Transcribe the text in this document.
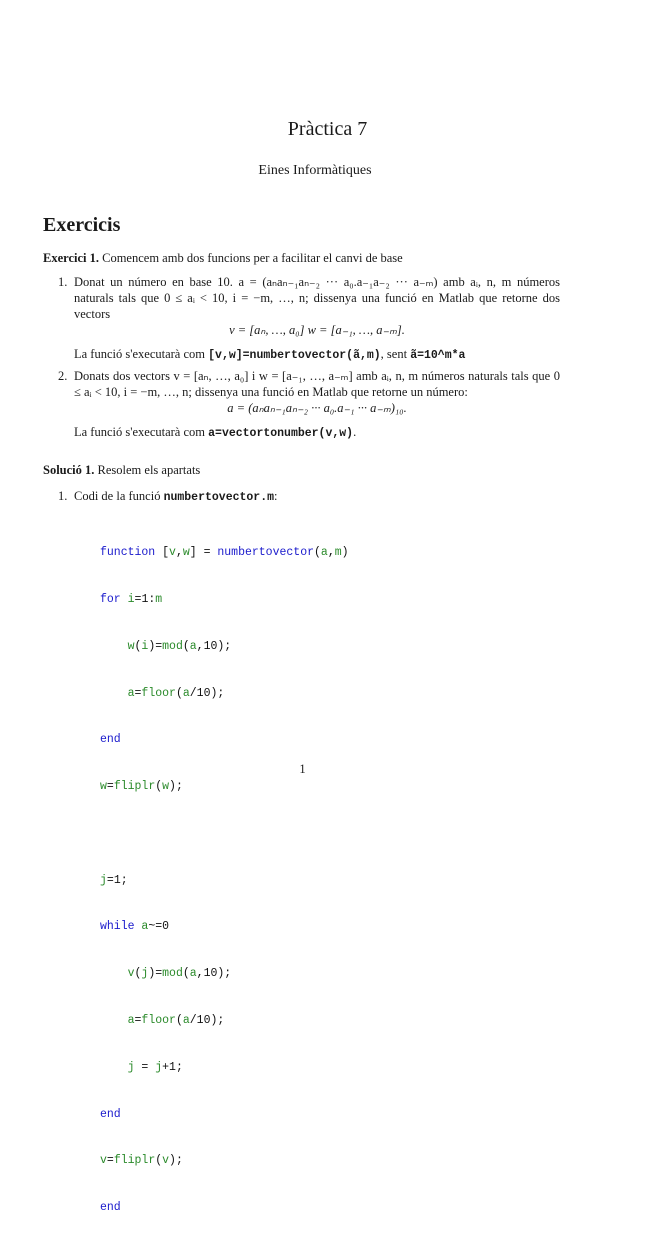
Pràctica 7
Eines Informàtiques
Exercicis
Exercici 1. Comencem amb dos funcions per a facilitar el canvi de base
1. Donat un número en base 10. a = (aₙaₙ₋₁aₙ₋₂ ··· a₀.a₋₁a₋₂ ··· a₋ₘ) amb aᵢ, n, m números naturals tals que 0 ≤ aᵢ < 10, i = −m, …, n; dissenya una funció en Matlab que retorne dos vectors
v = [aₙ, …, a₀] w = [a₋₁, …, a₋ₘ].
La funció s'executarà com [v,w]=numbertovector(ã,m), sent ã=10^m*a
2. Donats dos vectors v = [aₙ, …, a₀] i w = [a₋₁, …, a₋ₘ] amb aᵢ, n, m números naturals tals que 0 ≤ aᵢ < 10, i = −m, …, n; dissenya una funció en Matlab que retorne un número:
a = (aₙaₙ₋₁aₙ₋₂ ··· a₀.a₋₁ ··· a₋ₘ)₁₀.
La funció s'executarà com a=vectortonumber(v,w).
Solució 1. Resolem els apartats
1. Codi de la funció numbertovector.m:

function [v,w] = numbertovector(a,m)

for i=1:m

w(i)=mod(a,10);

a=floor(a/10);

end

w=fliplr(w);

j=1;

while a~=0

v(j)=mod(a,10);

a=floor(a/10);

j = j+1;

end

v=fliplr(v);

end

1
